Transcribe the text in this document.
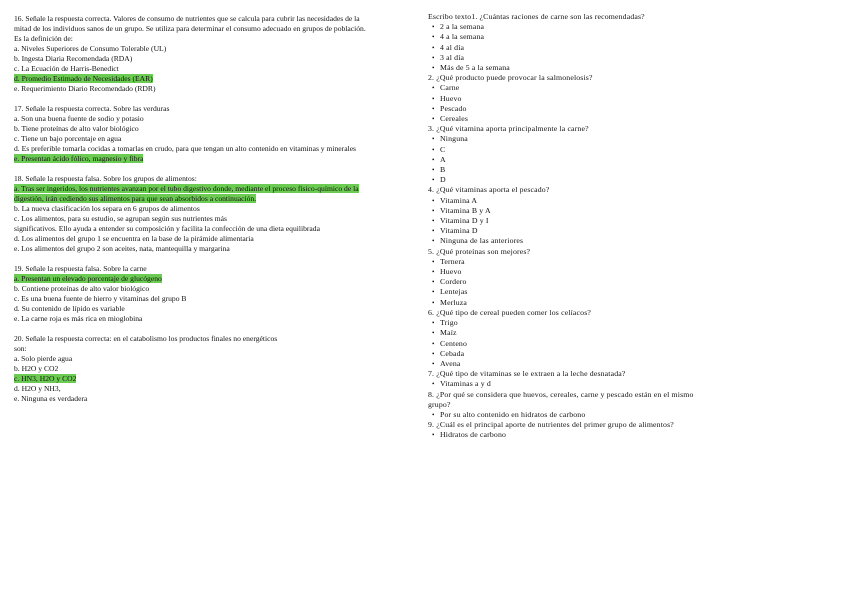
16. Señale la respuesta correcta. Valores de consumo de nutrientes que se calcula para cubrir las necesidades de la
mitad de los individuos sanos de un grupo. Se utiliza para determinar el consumo adecuado en grupos de población.
Es la definición de:
a. Niveles Superiores de Consumo Tolerable (UL)
b. Ingesta Diaria Recomendada (RDA)
c. La Ecuación de Harris-Benedict
d. Promedio Estimado de Necesidades (EAR)
e. Requerimiento Diario Recomendado (RDR)
17. Señale la respuesta correcta. Sobre las verduras
a. Son una buena fuente de sodio y potasio
b. Tiene proteínas de alto valor biológico
c. Tiene un bajo porcentaje en agua
d. Es preferible tomarla cocidas a tomarlas en crudo, para que tengan un alto contenido en vitaminas y minerales
e. Presentan ácido fólico, magnesio y fibra
18. Señale la respuesta falsa. Sobre los grupos de alimentos:
a. Tras ser ingeridos, los nutrientes avanzan por el tubo digestivo donde, mediante el proceso físico-químico de la
digestión, irán cediendo sus alimentos para que sean absorbidos a continuación.
b. La nueva clasificación los separa en 6 grupos de alimentos
c. Los alimentos, para su estudio, se agrupan según sus nutrientes más
significativos. Ello ayuda a entender su composición y facilita la confección de una dieta equilibrada
d. Los alimentos del grupo 1 se encuentra en la base de la pirámide alimentaria
e. Los alimentos del grupo 2 son aceites, nata, mantequilla y margarina
19. Señale la respuesta falsa. Sobre la carne
a. Presentan un elevado porcentaje de glucógeno
b. Contiene proteínas de alto valor biológico
c. Es una buena fuente de hierro y vitaminas del grupo B
d. Su contenido de lípido es variable
e. La carne roja es más rica en mioglobina
20. Señale la respuesta correcta: en el catabolismo los productos finales no energéticos
son:
a. Solo pierde agua
b. H2O y CO2
c. HN3, H2O y CO2
d. H2O y NH3,
e. Ninguna es verdadera
Escribo texto1. ¿Cuántas raciones de carne son las recomendadas?
• 2 a la semana
• 4 a la semana
• 4 al día
• 3 al día
• Más de 5 a la semana
2. ¿Qué producto puede provocar la salmonelosis?
• Carne
• Huevo
• Pescado
• Cereales
3. ¿Qué vitamina aporta principalmente la carne?
• Ninguna
• C
• A
• B
• D
4. ¿Qué vitaminas aporta el pescado?
• Vitamina A
• Vitamina B y A
• Vitamina D y I
• Vitamina D
• Ninguna de las anteriores
5. ¿Qué proteínas son mejores?
• Ternera
• Huevo
• Cordero
• Lentejas
• Merluza
6. ¿Qué tipo de cereal pueden comer los celíacos?
• Trigo
• Maíz
• Centeno
• Cebada
• Avena
7. ¿Qué tipo de vitaminas se le extraen a la leche desnatada?
• Vitaminas a y d
8. ¿Por qué se considera que huevos, cereales, carne y pescado están en el mismo
grupo?
• Por su alto contenido en hidratos de carbono
9. ¿Cuál es el principal aporte de nutrientes del primer grupo de alimentos?
• Hidratos de carbono
